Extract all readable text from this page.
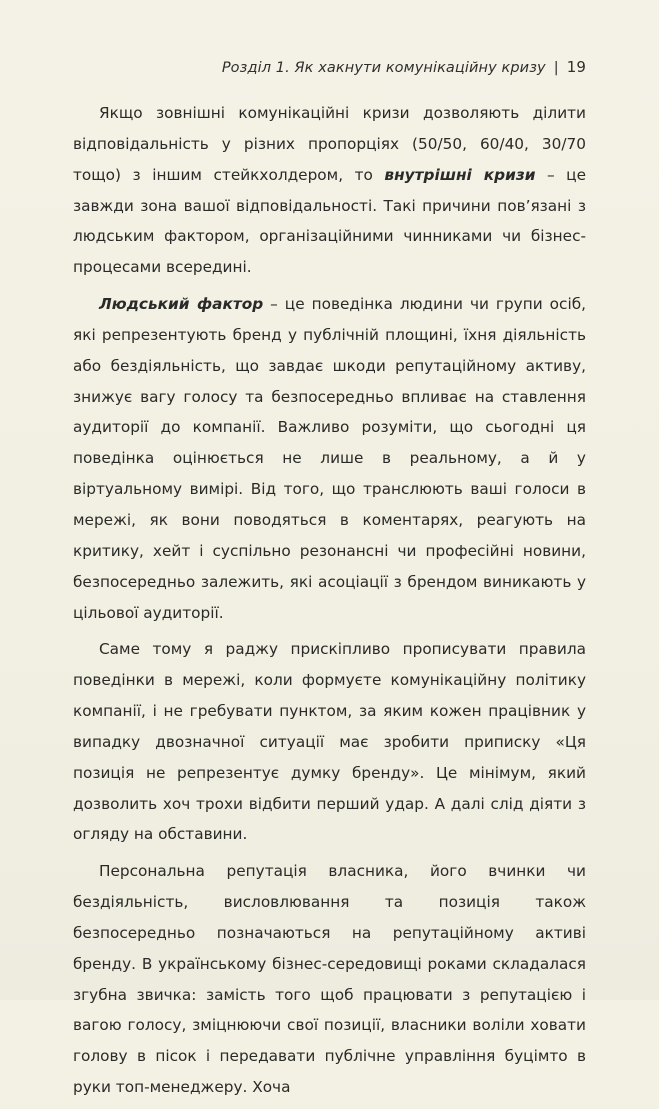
Розділ 1. Як хакнути комунікаційну кризу | 19

Якщо зовнішні комунікаційні кризи дозволяють ділити відповідальність у різних пропорціях (50/50, 60/40, 30/70 тощо) з іншим стейкхолдером, то внутрішні кризи – це завжди зона вашої відповідальності. Такі причини пов’язані з людським фактором, організаційними чинниками чи бізнес-процесами всередині.

Людський фактор – це поведінка людини чи групи осіб, які репрезентують бренд у публічній площині, їхня діяльність або бездіяльність, що завдає шкоди репутаційному активу, знижує вагу голосу та безпосередньо впливає на ставлення аудиторії до компанії. Важливо розуміти, що сьогодні ця поведінка оцінюється не лише в реальному, а й у віртуальному вимірі. Від того, що транслюють ваші голоси в мережі, як вони поводяться в коментарях, реагують на критику, хейт і суспільно резонансні чи професійні новини, безпосередньо залежить, які асоціації з брендом виникають у цільової аудиторії.

Саме тому я раджу прискіпливо прописувати правила поведінки в мережі, коли формуєте комунікаційну політику компанії, і не гребувати пунктом, за яким кожен працівник у випадку двозначної ситуації має зробити приписку «Ця позиція не репрезентує думку бренду». Це мінімум, який дозволить хоч трохи відбити перший удар. А далі слід діяти з огляду на обставини.

Персональна репутація власника, його вчинки чи бездіяльність, висловлювання та позиція також безпосередньо позначаються на репутаційному активі бренду. В українському бізнес-середовищі роками складалася згубна звичка: замість того щоб працювати з репутацією і вагою голосу, зміцнюючи свої позиції, власники воліли ховати голову в пісок і передавати публічне управління буцімто в руки топ-менеджеру. Хоча
